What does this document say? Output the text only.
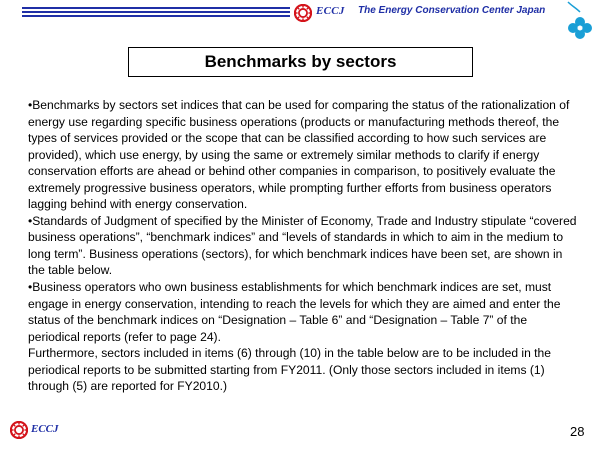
ECCJ The Energy Conservation Center Japan
Benchmarks by sectors

•Benchmarks by sectors set indices that can be used for comparing the status of the rationalization of energy use regarding specific business operations (products or manufacturing methods thereof, the types of services provided or the scope that can be classified according to how such services are provided), which use energy, by using the same or extremely similar methods to clarify if energy conservation efforts are ahead or behind other companies in comparison, to positively evaluate the extremely progressive business operators, while prompting further efforts from business operators lagging behind with energy conservation.

•Standards of Judgment of specified by the Minister of Economy, Trade and Industry stipulate “covered business operations”, “benchmark indices” and “levels of standards in which to aim in the medium to long term”. Business operations (sectors), for which benchmark indices have been set, are shown in the table below.

•Business operators who own business establishments for which benchmark indices are set, must engage in energy conservation, intending to reach the levels for which they are aimed and enter the status of the benchmark indices on “Designation – Table 6” and “Designation – Table 7” of the periodical reports (refer to page 24).

Furthermore, sectors included in items (6) through (10) in the table below are to be included in the periodical reports to be submitted starting from FY2011. (Only those sectors included in items (1) through (5) are reported for FY2010.)

ECCJ	28
